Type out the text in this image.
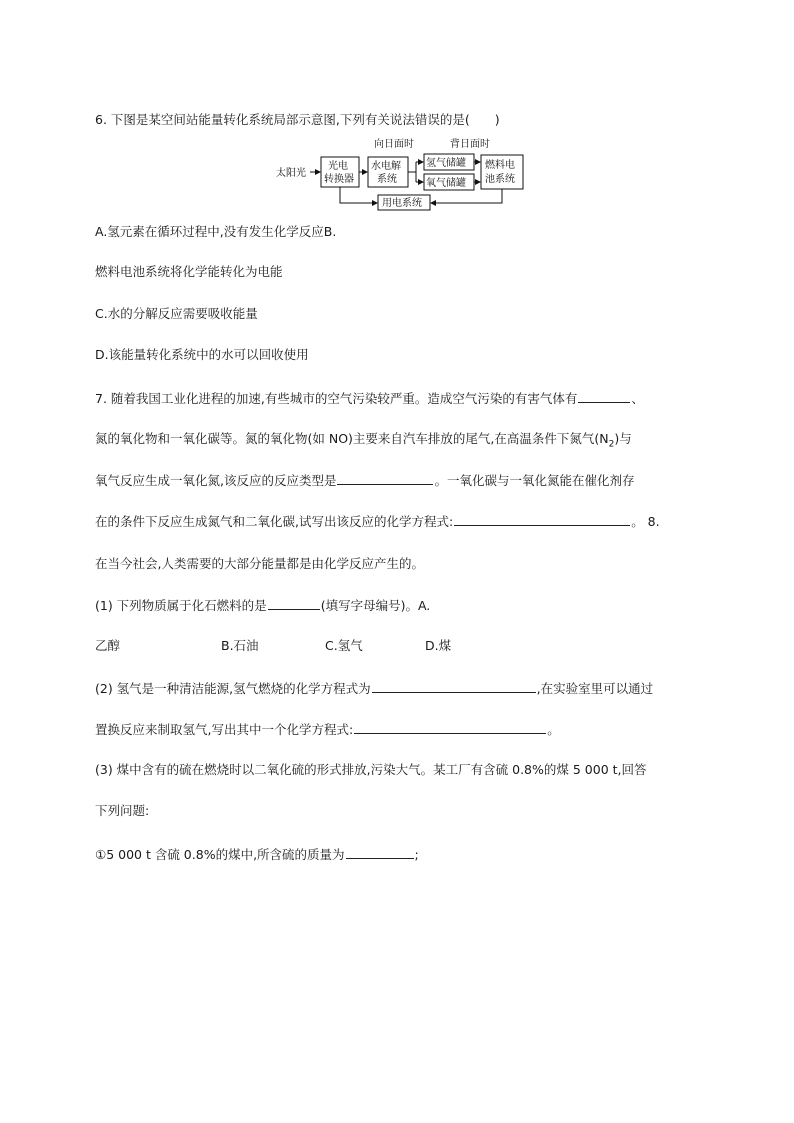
6. 下图是某空间站能量转化系统局部示意图,下列有关说法错误的是(　　)
向日面时	背日面时
太阳光
光电
转换器
水电解
系统
氢气储罐
氧气储罐
燃料电
池系统
用电系统
A.氢元素在循环过程中,没有发生化学反应B.
燃料电池系统将化学能转化为电能
C.水的分解反应需要吸收能量
D.该能量转化系统中的水可以回收使用
7. 随着我国工业化进程的加速,有些城市的空气污染较严重。造成空气污染的有害气体有	、
氮的氧化物和一氧化碳等。氮的氧化物(如 NO)主要来自汽车排放的尾气,在高温条件下氮气$(N_2)$与
氧气反应生成一氧化氮,该反应的反应类型是	。一氧化碳与一氧化氮能在催化剂存
在的条件下反应生成氮气和二氧化碳,试写出该反应的化学方程式:	。 8.
在当今社会,人类需要的大部分能量都是由化学反应产生的。
(1) 下列物质属于化石燃料的是	(填写字母编号)。A.
乙醇	B.石油	C.氢气	D.煤
(2) 氢气是一种清洁能源,氢气燃烧的化学方程式为	,在实验室里可以通过
置换反应来制取氢气,写出其中一个化学方程式:	。
(3) 煤中含有的硫在燃烧时以二氧化硫的形式排放,污染大气。某工厂有含硫 0.8%的煤 5 000 t,回答
下列问题:
①5 000 t 含硫 0.8%的煤中,所含硫的质量为	;
